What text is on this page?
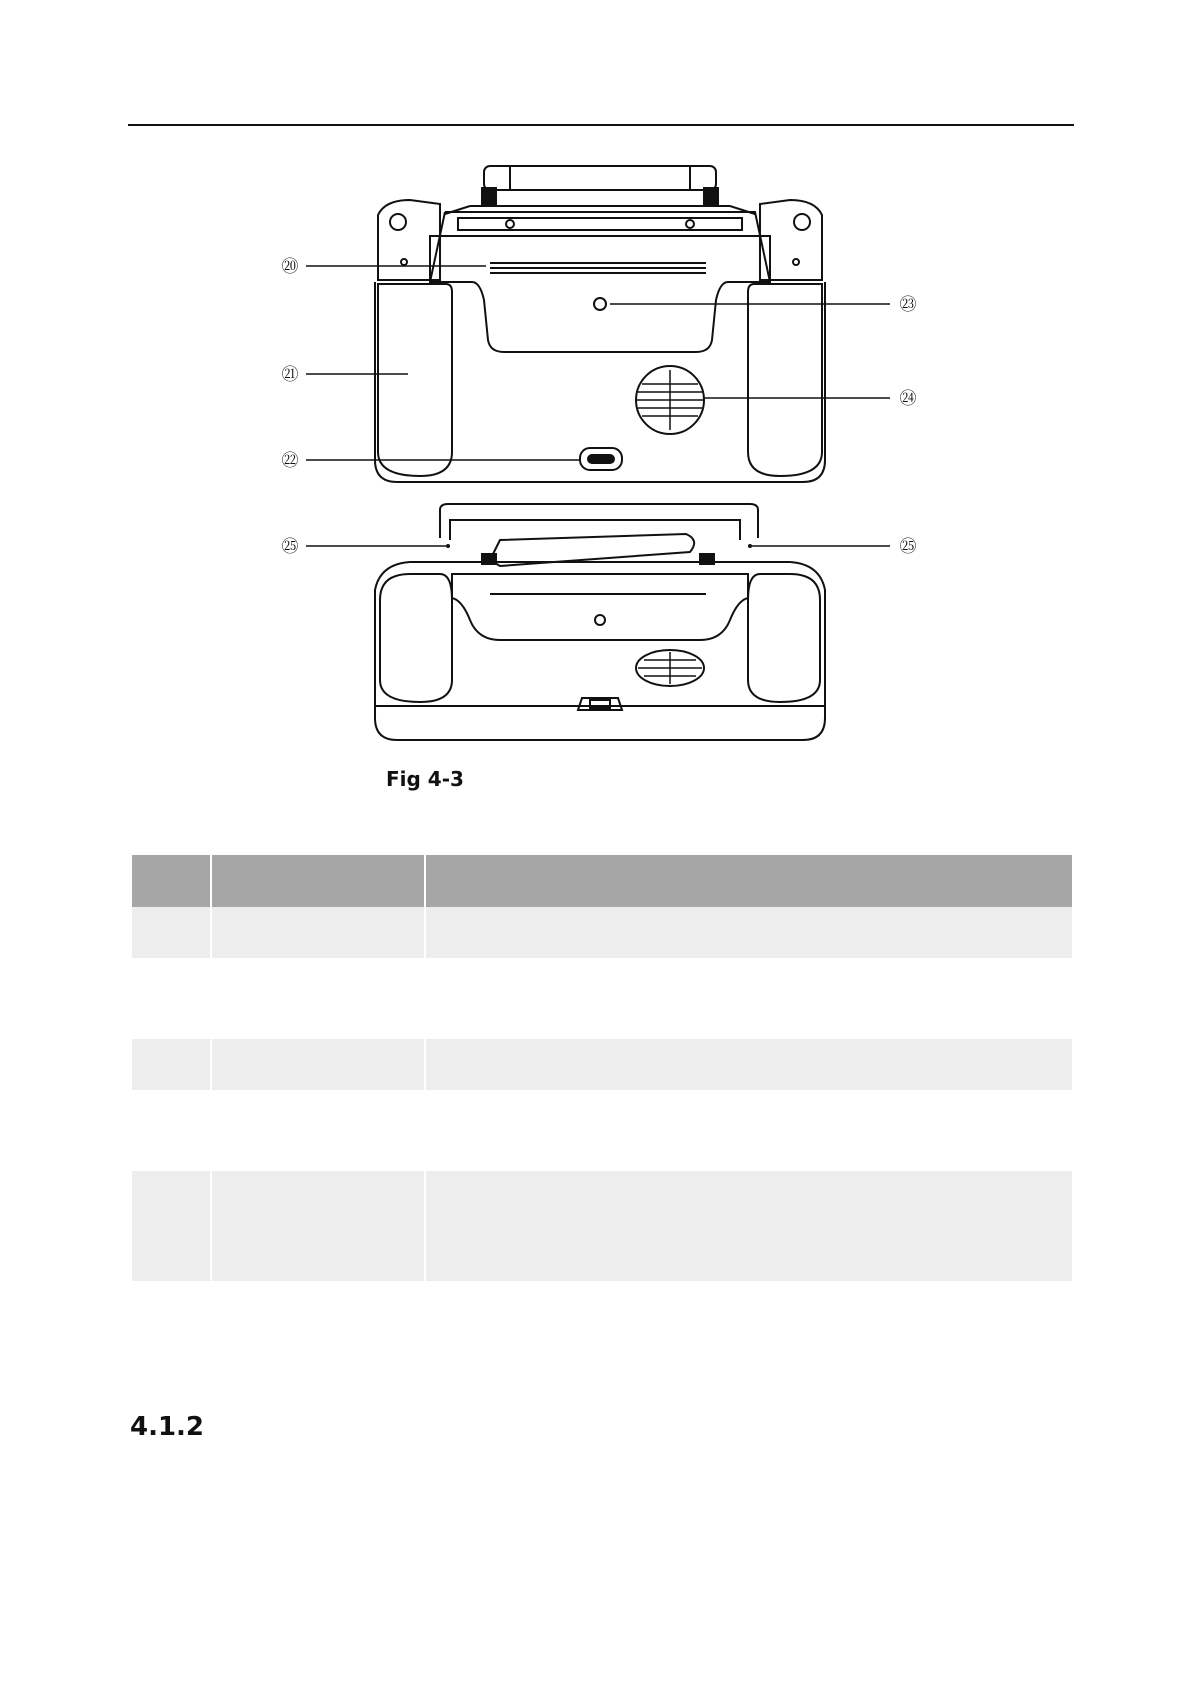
⑳
㉑
㉒
㉓
㉔
㉕	㉕
Fig 4-3

4.1.2
